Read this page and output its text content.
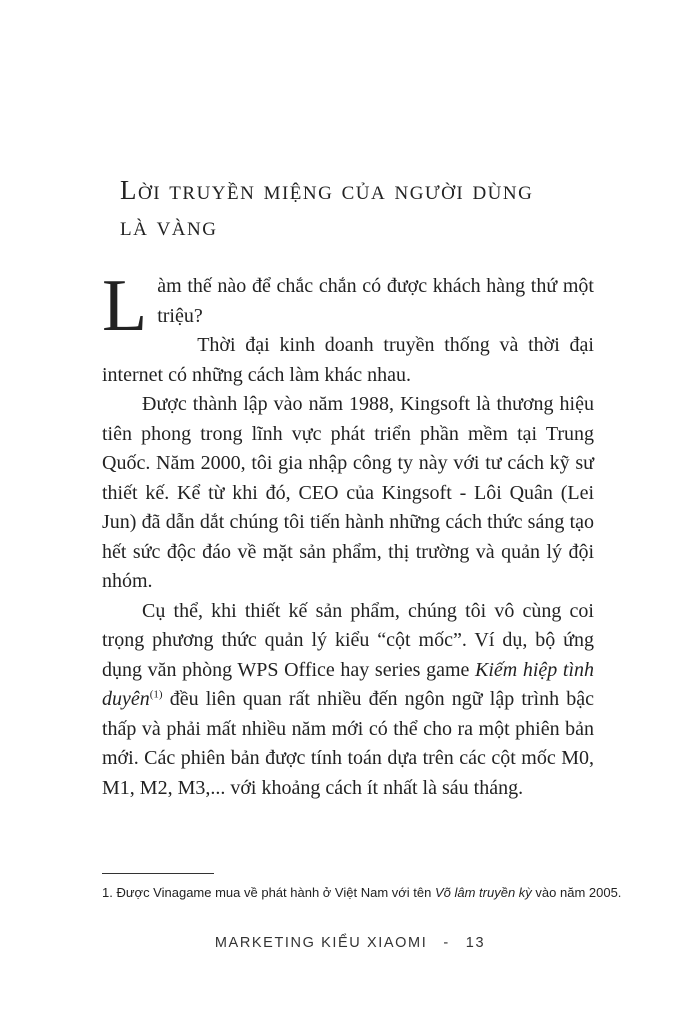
Lời truyền miệng của người dùng
là vàng

Làm thế nào để chắc chắn có được khách hàng thứ một triệu?

Thời đại kinh doanh truyền thống và thời đại internet có những cách làm khác nhau.

Được thành lập vào năm 1988, Kingsoft là thương hiệu tiên phong trong lĩnh vực phát triển phần mềm tại Trung Quốc. Năm 2000, tôi gia nhập công ty này với tư cách kỹ sư thiết kế. Kể từ khi đó, CEO của Kingsoft - Lôi Quân (Lei Jun) đã dẫn dắt chúng tôi tiến hành những cách thức sáng tạo hết sức độc đáo về mặt sản phẩm, thị trường và quản lý đội nhóm.

Cụ thể, khi thiết kế sản phẩm, chúng tôi vô cùng coi trọng phương thức quản lý kiểu “cột mốc”. Ví dụ, bộ ứng dụng văn phòng WPS Office hay series game Kiếm hiệp tình duyên$^{(1)}$ đều liên quan rất nhiều đến ngôn ngữ lập trình bậc thấp và phải mất nhiều năm mới có thể cho ra một phiên bản mới. Các phiên bản được tính toán dựa trên các cột mốc M0, M1, M2, M3,... với khoảng cách ít nhất là sáu tháng.

1. Được Vinagame mua về phát hành ở Việt Nam với tên Võ lâm truyền kỳ vào năm 2005.
MARKETING KIỂU XIAOMI - 13
